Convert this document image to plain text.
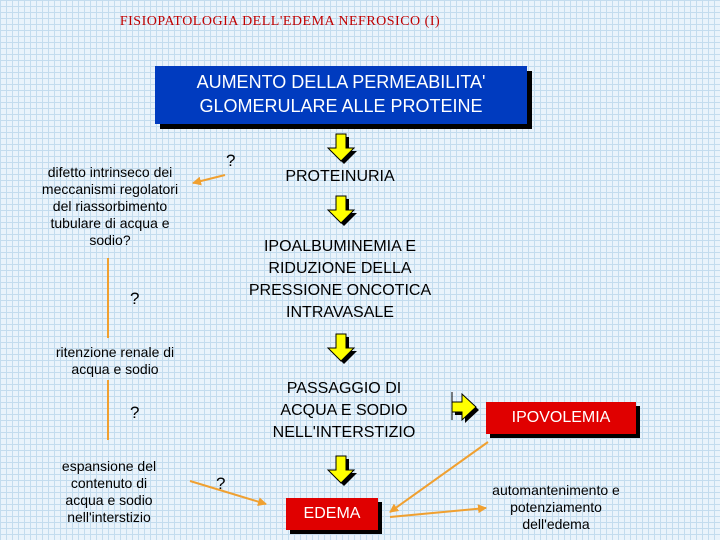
FISIOPATOLOGIA DELL'EDEMA NEFROSICO (I)
AUMENTO DELLA PERMEABILITA'
GLOMERULARE ALLE PROTEINE
PROTEINURIA
IPOALBUMINEMIA E
RIDUZIONE DELLA
PRESSIONE ONCOTICA
INTRAVASALE
PASSAGGIO DI
ACQUA E SODIO
NELL'INTERSTIZIO
EDEMA
IPOVOLEMIA
difetto intrinseco dei
meccanismi regolatori
del riassorbimento
tubulare di acqua e
sodio?
ritenzione renale di
acqua e sodio
espansione del
contenuto di
acqua e sodio
nell'interstizio
automantenimento e
potenziamento
dell'edema
?
?
?
?
